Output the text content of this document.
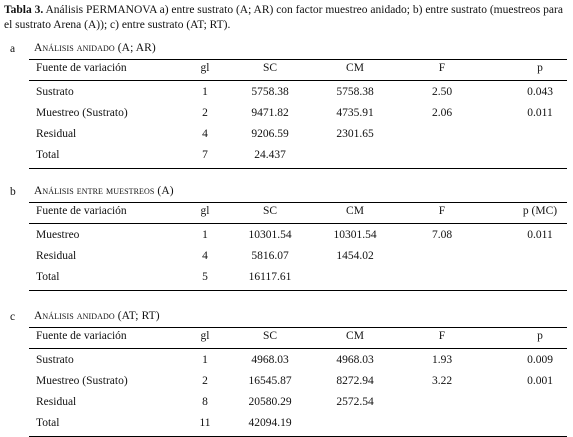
Tabla 3. Análisis PERMANOVA a) entre sustrato (A; AR) con factor muestreo anidado; b) entre sustrato (muestreos para el sustrato Arena (A)); c) entre sustrato (AT; RT).
a Análisis anidado (A; AR)
Fuente de variación	gl	SC	CM	F	p
Sustrato	1	5758.38	5758.38	2.50	0.043
Muestreo (Sustrato)	2	9471.82	4735.91	2.06	0.011
Residual	4	9206.59	2301.65
Total	7	24.437
b Análisis entre muestreos (A)
Fuente de variación	gl	SC	CM	F	p (MC)
Muestreo	1	10301.54	10301.54	7.08	0.011
Residual	4	5816.07	1454.02
Total	5	16117.61
c Análisis anidado (AT; RT)
Fuente de variación	gl	SC	CM	F	p
Sustrato	1	4968.03	4968.03	1.93	0.009
Muestreo (Sustrato)	2	16545.87	8272.94	3.22	0.001
Residual	8	20580.29	2572.54
Total	11	42094.19
